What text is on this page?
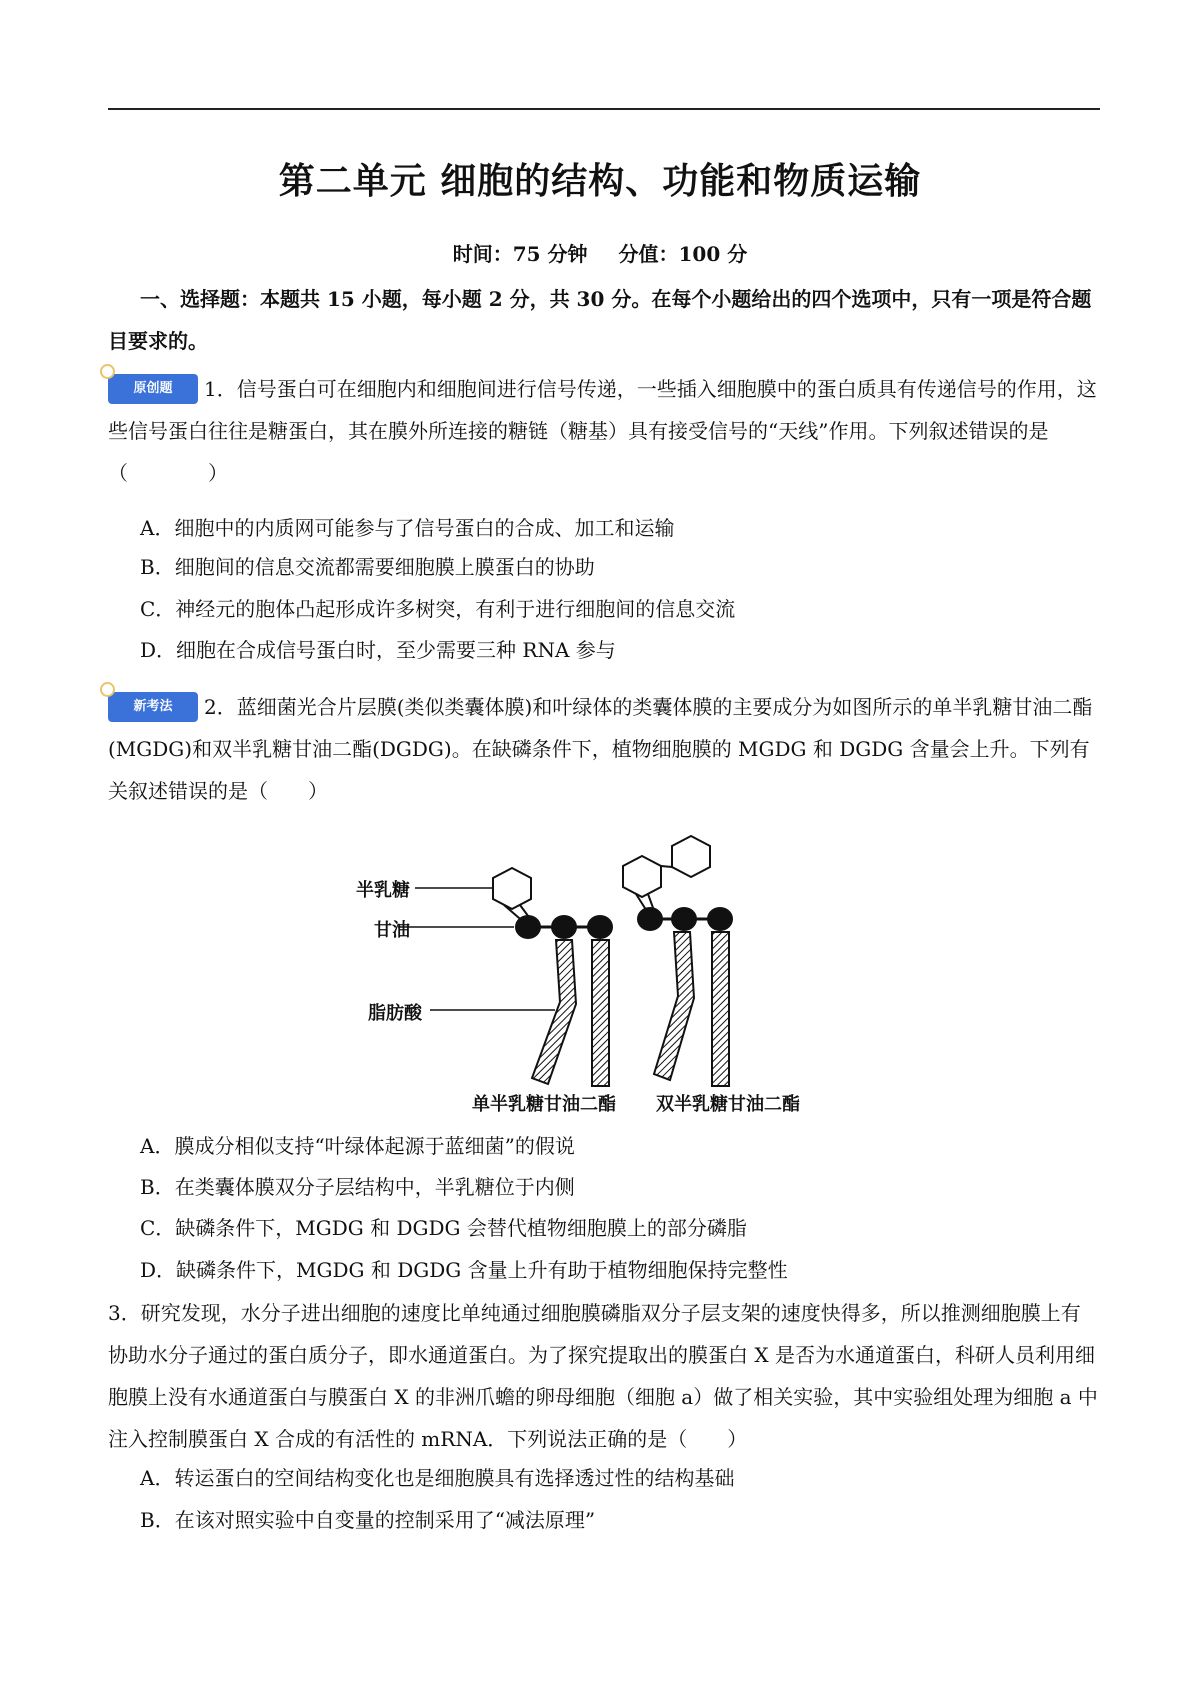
第二单元 细胞的结构、功能和物质运输
时间：75 分钟 分值：100 分
一、选择题：本题共 15 小题，每小题 2 分，共 30 分。在每个小题给出的四个选项中，只有一项是符合题目要求的。
原创题 1．信号蛋白可在细胞内和细胞间进行信号传递，一些插入细胞膜中的蛋白质具有传递信号的作用，这些信号蛋白往往是糖蛋白，其在膜外所连接的糖链（糖基）具有接受信号的“天线”作用。下列叙述错误的是（　　　　）
A．细胞中的内质网可能参与了信号蛋白的合成、加工和运输
B．细胞间的信息交流都需要细胞膜上膜蛋白的协助
C．神经元的胞体凸起形成许多树突，有利于进行细胞间的信息交流
D．细胞在合成信号蛋白时，至少需要三种 RNA 参与
新考法 2．蓝细菌光合片层膜(类似类囊体膜)和叶绿体的类囊体膜的主要成分为如图所示的单半乳糖甘油二酯(MGDG)和双半乳糖甘油二酯(DGDG)。在缺磷条件下，植物细胞膜的 MGDG 和 DGDG 含量会上升。下列有关叙述错误的是（　　）
半乳糖
甘油
脂肪酸
单半乳糖甘油二酯 双半乳糖甘油二酯
A．膜成分相似支持“叶绿体起源于蓝细菌”的假说
B．在类囊体膜双分子层结构中，半乳糖位于内侧
C．缺磷条件下，MGDG 和 DGDG 会替代植物细胞膜上的部分磷脂
D．缺磷条件下，MGDG 和 DGDG 含量上升有助于植物细胞保持完整性
3．研究发现，水分子进出细胞的速度比单纯通过细胞膜磷脂双分子层支架的速度快得多，所以推测细胞膜上有协助水分子通过的蛋白质分子，即水通道蛋白。为了探究提取出的膜蛋白 X 是否为水通道蛋白，科研人员利用细胞膜上没有水通道蛋白与膜蛋白 X 的非洲爪蟾的卵母细胞（细胞 a）做了相关实验，其中实验组处理为细胞 a 中注入控制膜蛋白 X 合成的有活性的 mRNA．下列说法正确的是（　　）
A．转运蛋白的空间结构变化也是细胞膜具有选择透过性的结构基础
B．在该对照实验中自变量的控制采用了“减法原理”
